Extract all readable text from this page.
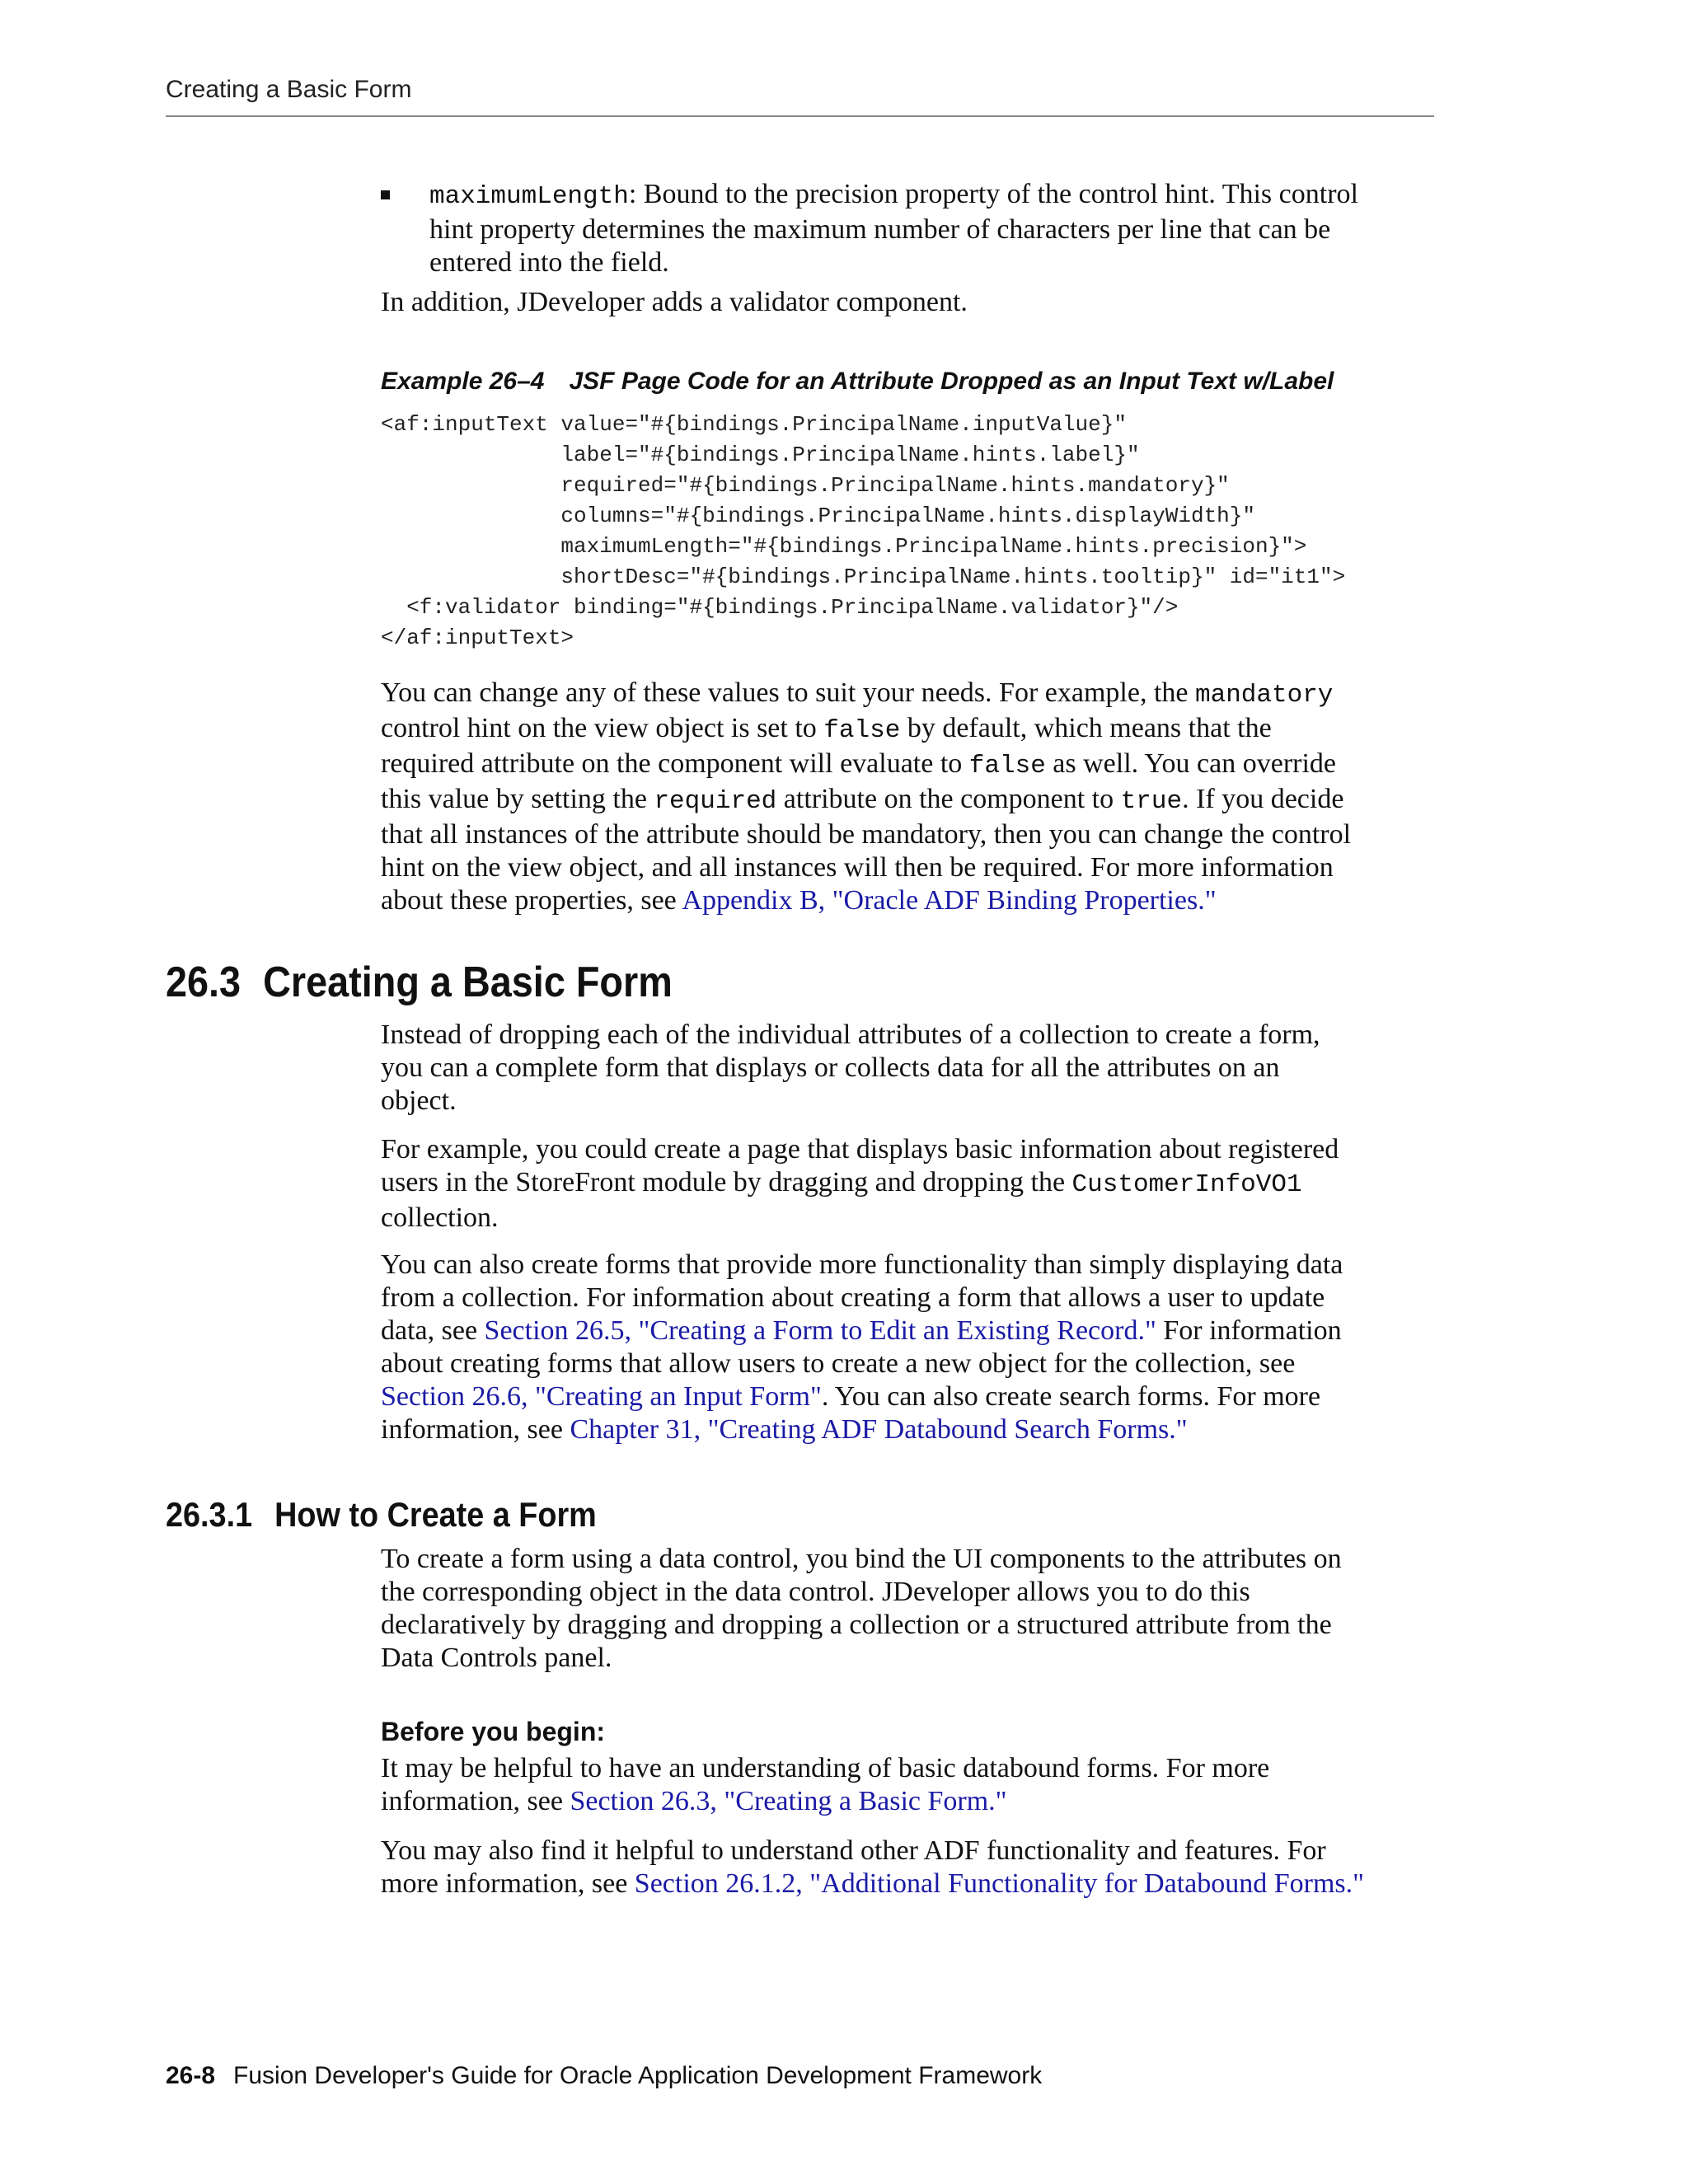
Creating a Basic Form

maximumLength: Bound to the precision property of the control hint. This control
hint property determines the maximum number of characters per line that can be
entered into the field.

In addition, JDeveloper adds a validator component.

Example 26–4 JSF Page Code for an Attribute Dropped as an Input Text w/Label
<af:inputText value="#{bindings.PrincipalName.inputValue}"
label="#{bindings.PrincipalName.hints.label}"
required="#{bindings.PrincipalName.hints.mandatory}"
columns="#{bindings.PrincipalName.hints.displayWidth}"
maximumLength="#{bindings.PrincipalName.hints.precision}">
shortDesc="#{bindings.PrincipalName.hints.tooltip}" id="it1">
<f:validator binding="#{bindings.PrincipalName.validator}"/>
</af:inputText>

You can change any of these values to suit your needs. For example, the mandatory
control hint on the view object is set to false by default, which means that the
required attribute on the component will evaluate to false as well. You can override
this value by setting the required attribute on the component to true. If you decide
that all instances of the attribute should be mandatory, then you can change the control
hint on the view object, and all instances will then be required. For more information
about these properties, see Appendix B, "Oracle ADF Binding Properties."

26.3 Creating a Basic Form

Instead of dropping each of the individual attributes of a collection to create a form,
you can a complete form that displays or collects data for all the attributes on an
object.

For example, you could create a page that displays basic information about registered
users in the StoreFront module by dragging and dropping the CustomerInfoVO1
collection.

You can also create forms that provide more functionality than simply displaying data
from a collection. For information about creating a form that allows a user to update
data, see Section 26.5, "Creating a Form to Edit an Existing Record." For information
about creating forms that allow users to create a new object for the collection, see
Section 26.6, "Creating an Input Form". You can also create search forms. For more
information, see Chapter 31, "Creating ADF Databound Search Forms."

26.3.1 How to Create a Form

To create a form using a data control, you bind the UI components to the attributes on
the corresponding object in the data control. JDeveloper allows you to do this
declaratively by dragging and dropping a collection or a structured attribute from the
Data Controls panel.

Before you begin:

It may be helpful to have an understanding of basic databound forms. For more
information, see Section 26.3, "Creating a Basic Form."

You may also find it helpful to understand other ADF functionality and features. For
more information, see Section 26.1.2, "Additional Functionality for Databound Forms."

26-8 Fusion Developer's Guide for Oracle Application Development Framework
